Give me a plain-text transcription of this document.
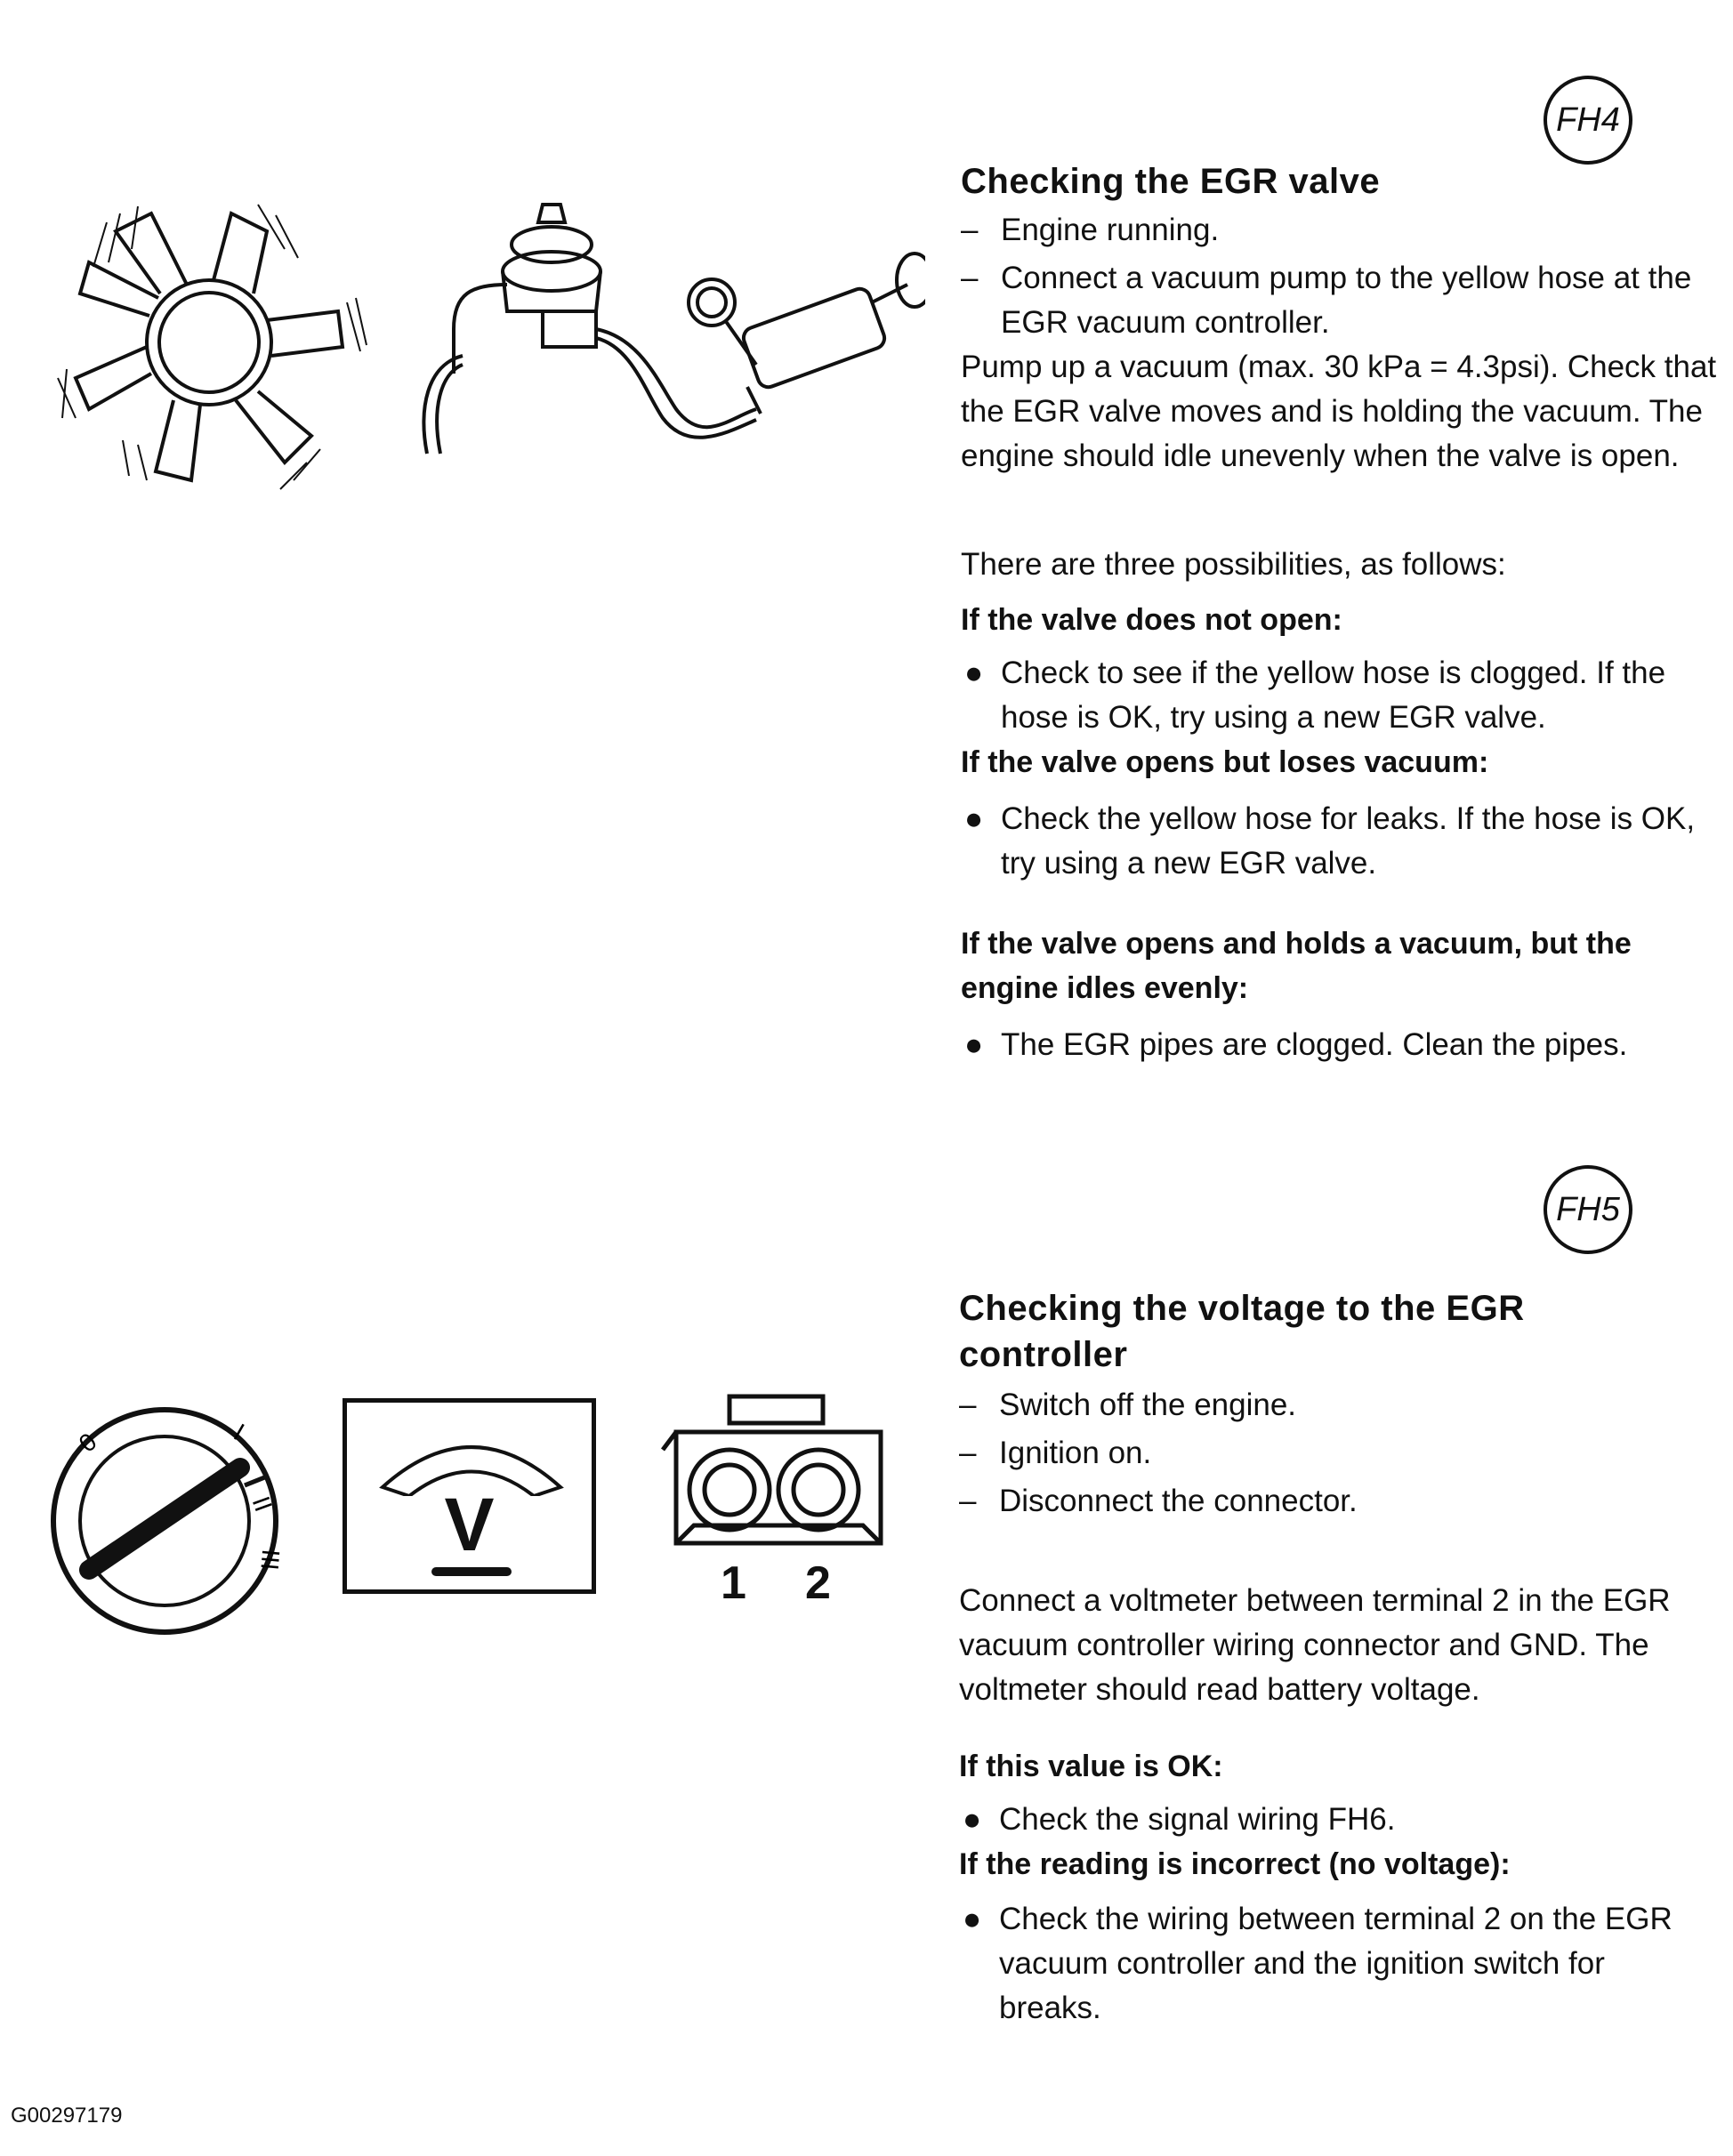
0	I
II
III	V
1 2
FH4
Checking the EGR valve

– Engine running.

– Connect a vacuum pump to the yellow hose at the EGR vacuum controller.

Pump up a vacuum (max. 30 kPa = 4.3psi). Check that the EGR valve moves and is holding the vacuum. The engine should idle unevenly when the valve is open.

There are three possibilities, as follows:

If the valve does not open:

● Check to see if the yellow hose is clogged. If the hose is OK, try using a new EGR valve.

If the valve opens but loses vacuum:

● Check the yellow hose for leaks. If the hose is OK, try using a new EGR valve.

If the valve opens and holds a vacuum, but the engine idles evenly:

● The EGR pipes are clogged. Clean the pipes.

FH5
Checking the voltage to the EGR controller

– Switch off the engine.

– Ignition on.

– Disconnect the connector.

Connect a voltmeter between terminal 2 in the EGR vacuum controller wiring connector and GND. The voltmeter should read battery voltage.

If this value is OK:

● Check the signal wiring FH6.

If the reading is incorrect (no voltage):

● Check the wiring between terminal 2 on the EGR vacuum controller and the ignition switch for breaks.

G00297179
